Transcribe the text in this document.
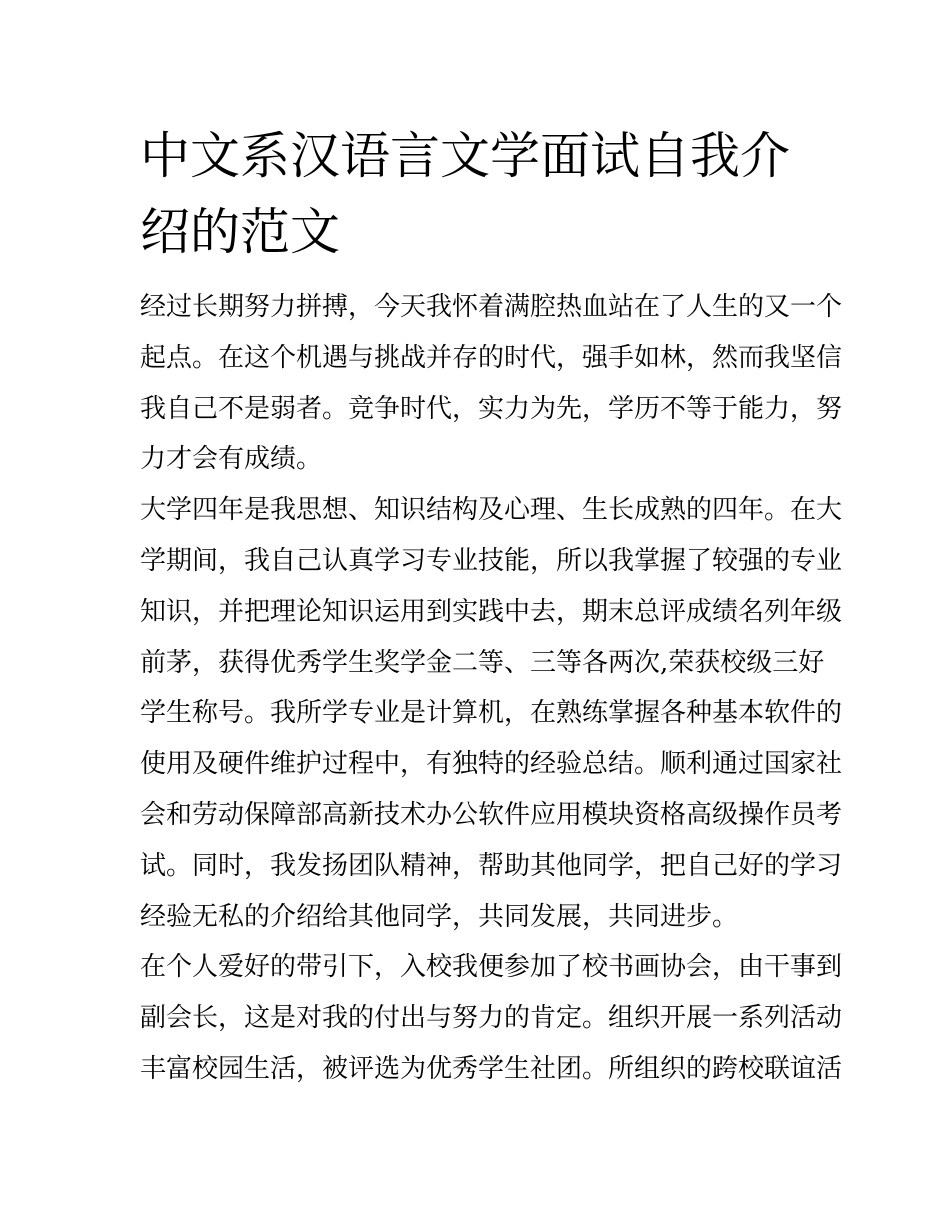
中文系汉语言文学面试自我介
绍的范文
经过长期努力拼搏，今天我怀着满腔热血站在了人生的又一个
起点。在这个机遇与挑战并存的时代，强手如林，然而我坚信
我自己不是弱者。竞争时代，实力为先，学历不等于能力，努
力才会有成绩。
大学四年是我思想、知识结构及心理、生长成熟的四年。在大
学期间，我自己认真学习专业技能，所以我掌握了较强的专业
知识，并把理论知识运用到实践中去，期末总评成绩名列年级
前茅，获得优秀学生奖学金二等、三等各两次,荣获校级三好
学生称号。我所学专业是计算机，在熟练掌握各种基本软件的
使用及硬件维护过程中，有独特的经验总结。顺利通过国家社
会和劳动保障部高新技术办公软件应用模块资格高级操作员考
试。同时，我发扬团队精神，帮助其他同学，把自己好的学习
经验无私的介绍给其他同学，共同发展，共同进步。
在个人爱好的带引下，入校我便参加了校书画协会，由干事到
副会长，这是对我的付出与努力的肯定。组织开展一系列活动
丰富校园生活，被评选为优秀学生社团。所组织的跨校联谊活
